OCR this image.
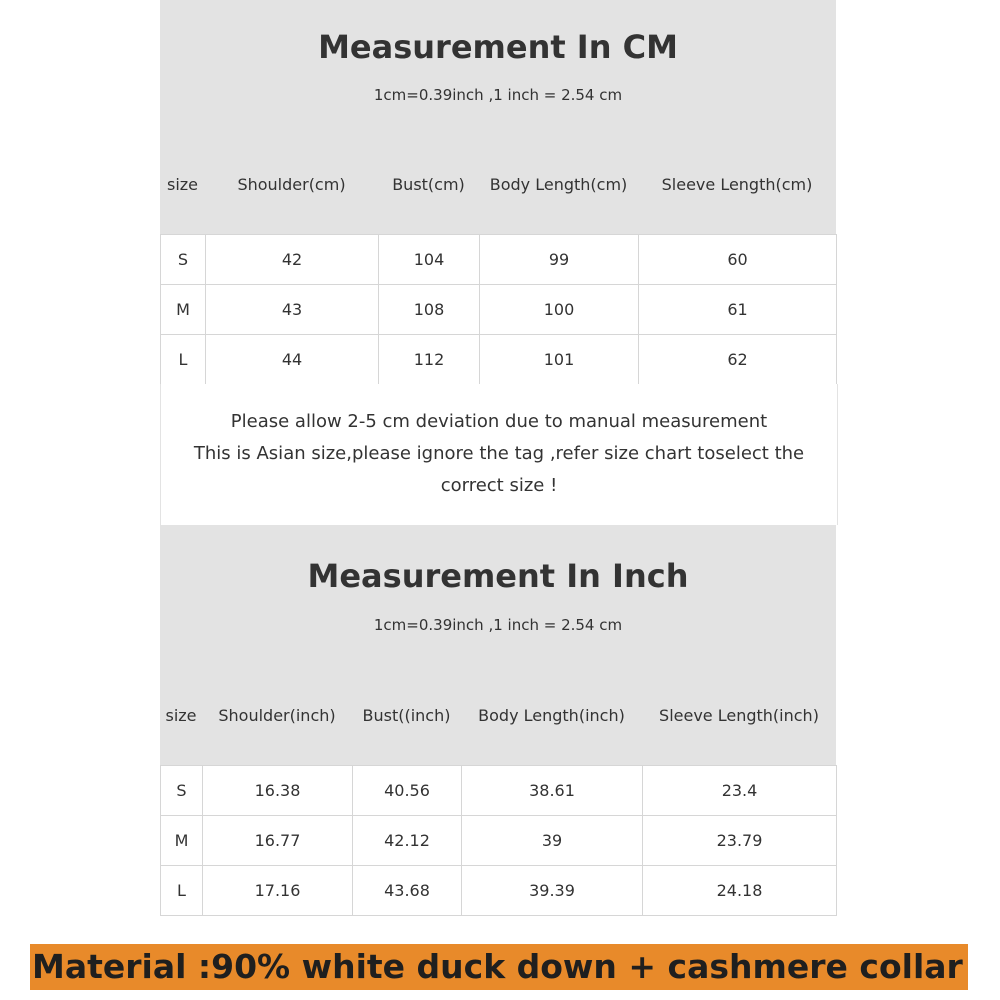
Measurement In CM
1cm=0.39inch ,1 inch = 2.54 cm
size	Shoulder(cm)	Bust(cm)	Body Length(cm)	Sleeve Length(cm)
S	42	104	99	60
M	43	108	100	61
L	44	112	101	62

Please allow 2-5 cm deviation due to manual measurement

This is Asian size,please ignore the tag ,refer size chart toselect the

correct size !

Measurement In Inch
1cm=0.39inch ,1 inch = 2.54 cm
size	Shoulder(inch)	Bust((inch)	Body Length(inch)	Sleeve Length(inch)
S	16.38	40.56	38.61	23.4
M	16.77	42.12	39	23.79
L	17.16	43.68	39.39	24.18
Material :90% white duck down + cashmere collar
